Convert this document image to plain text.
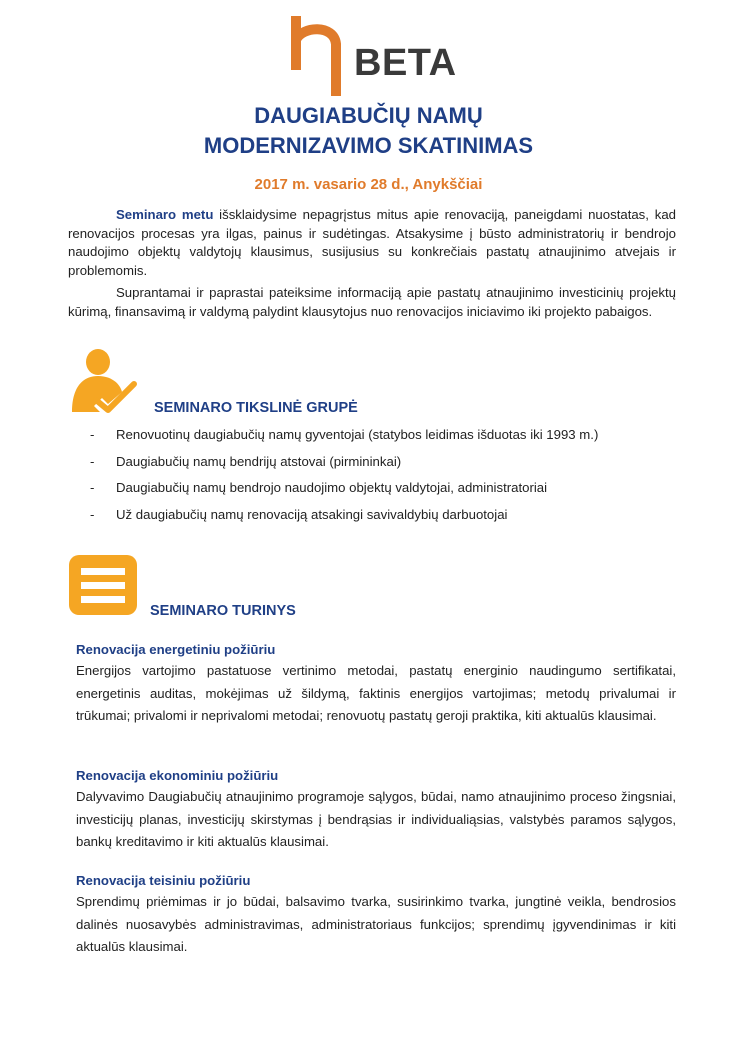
BETA
DAUGIABUČIŲ NAMŲ
MODERNIZAVIMO SKATINIMAS
2017 m. vasario 28 d., Anykščiai
Seminaro metu išsklaidysime nepagrįstus mitus apie renovaciją, paneigdami nuostatas, kad renovacijos procesas yra ilgas, painus ir sudėtingas. Atsakysime į būsto administratorių ir bendrojo naudojimo objektų valdytojų klausimus, susijusius su konkrečiais pastatų atnaujinimo atvejais ir problemomis.
Suprantamai ir paprastai pateiksime informaciją apie pastatų atnaujinimo investicinių projektų kūrimą, finansavimą ir valdymą palydint klausytojus nuo renovacijos iniciavimo iki projekto pabaigos.
SEMINARO TIKSLINĖ GRUPĖ
- Renovuotinų daugiabučių namų gyventojai (statybos leidimas išduotas iki 1993 m.)
- Daugiabučių namų bendrijų atstovai (pirmininkai)
- Daugiabučių namų bendrojo naudojimo objektų valdytojai, administratoriai
- Už daugiabučių namų renovaciją atsakingi savivaldybių darbuotojai
SEMINARO TURINYS
Renovacija energetiniu požiūriu
Energijos vartojimo pastatuose vertinimo metodai, pastatų energinio naudingumo sertifikatai, energetinis auditas, mokėjimas už šildymą, faktinis energijos vartojimas; metodų privalumai ir trūkumai; privalomi ir neprivalomi metodai; renovuotų pastatų geroji praktika, kiti aktualūs klausimai.
Renovacija ekonominiu požiūriu
Dalyvavimo Daugiabučių atnaujinimo programoje sąlygos, būdai, namo atnaujinimo proceso žingsniai, investicijų planas, investicijų skirstymas į bendrąsias ir individualiąsias, valstybės paramos sąlygos, bankų kreditavimo ir kiti aktualūs klausimai.
Renovacija teisiniu požiūriu
Sprendimų priėmimas ir jo būdai, balsavimo tvarka, susirinkimo tvarka, jungtinė veikla, bendrosios dalinės nuosavybės administravimas, administratoriaus funkcijos; sprendimų įgyvendinimas ir kiti aktualūs klausimai.
